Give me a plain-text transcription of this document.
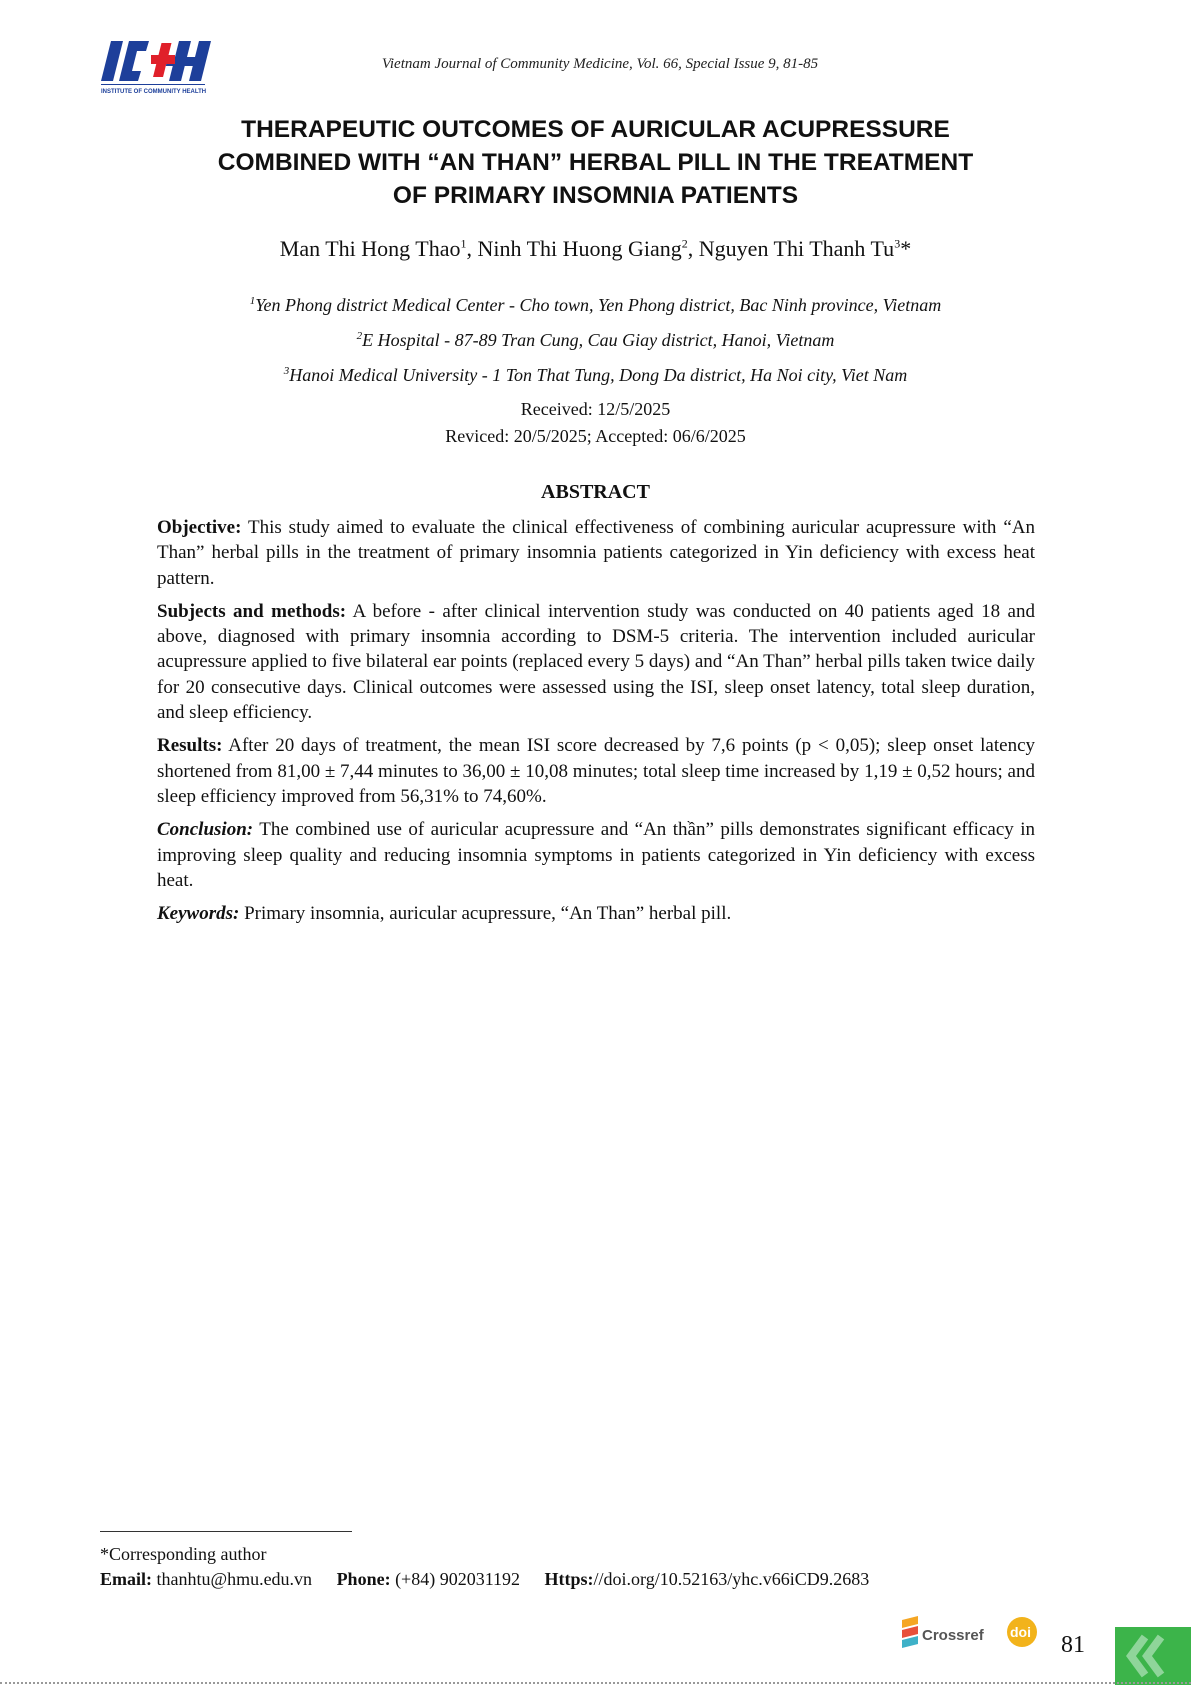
INSTITUTE OF COMMUNITY HEALTH
Vietnam Journal of Community Medicine, Vol. 66, Special Issue 9, 81-85
THERAPEUTIC OUTCOMES OF AURICULAR ACUPRESSURE
COMBINED WITH “AN THAN” HERBAL PILL IN THE TREATMENT
OF PRIMARY INSOMNIA PATIENTS
Man Thi Hong Thao$^1$, Ninh Thi Huong Giang$^2$, Nguyen Thi Thanh Tu$^3$*
$^1$Yen Phong district Medical Center - Cho town, Yen Phong district, Bac Ninh province, Vietnam
$^2$E Hospital - 87-89 Tran Cung, Cau Giay district, Hanoi, Vietnam
$^3$Hanoi Medical University - 1 Ton That Tung, Dong Da district, Ha Noi city, Viet Nam
Received: 12/5/2025
Reviced: 20/5/2025; Accepted: 06/6/2025
ABSTRACT

Objective: This study aimed to evaluate the clinical effectiveness of combining auricular acupressure with “An Than” herbal pills in the treatment of primary insomnia patients categorized in Yin deficiency with excess heat pattern.

Subjects and methods: A before - after clinical intervention study was conducted on 40 patients aged 18 and above, diagnosed with primary insomnia according to DSM-5 criteria. The intervention included auricular acupressure applied to five bilateral ear points (replaced every 5 days) and “An Than” herbal pills taken twice daily for 20 consecutive days. Clinical outcomes were assessed using the ISI, sleep onset latency, total sleep duration, and sleep efficiency.

Results: After 20 days of treatment, the mean ISI score decreased by 7,6 points (p < 0,05); sleep onset latency shortened from 81,00 ± 7,44 minutes to 36,00 ± 10,08 minutes; total sleep time increased by 1,19 ± 0,52 hours; and sleep efficiency improved from 56,31% to 74,60%.

Conclusion: The combined use of auricular acupressure and “An thần” pills demonstrates significant efficacy in improving sleep quality and reducing insomnia symptoms in patients categorized in Yin deficiency with excess heat.

Keywords: Primary insomnia, auricular acupressure, “An Than” herbal pill.

*Corresponding author
Email: thanhtu@hmu.edu.vn Phone: (+84) 902031192 Https://doi.org/10.52163/yhc.v66iCD9.2683
Crossref doi 81
